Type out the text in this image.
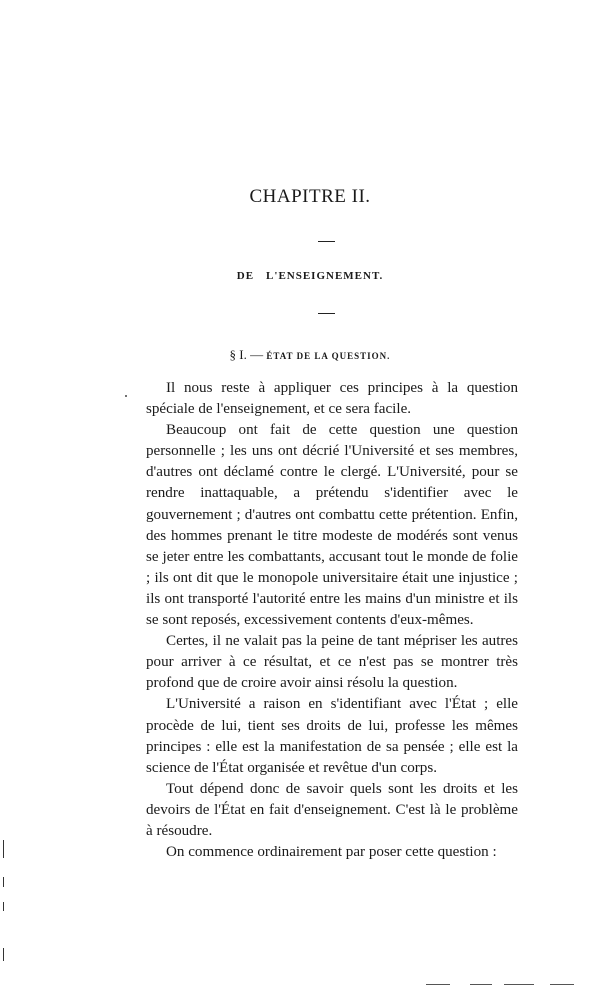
CHAPITRE II.
DE L'ENSEIGNEMENT.
§ I. — ÉTAT DE LA QUESTION.

Il nous reste à appliquer ces principes à la question spéciale de l'enseignement, et ce sera facile.

Beaucoup ont fait de cette question une question personnelle ; les uns ont décrié l'Université et ses membres, d'autres ont déclamé contre le clergé. L'Université, pour se rendre inattaquable, a prétendu s'identifier avec le gouvernement ; d'autres ont combattu cette prétention. Enfin, des hommes prenant le titre modeste de modérés sont venus se jeter entre les combattants, accusant tout le monde de folie ; ils ont dit que le monopole universitaire était une injustice ; ils ont transporté l'autorité entre les mains d'un ministre et ils se sont reposés, excessivement contents d'eux-mêmes.

Certes, il ne valait pas la peine de tant mépriser les autres pour arriver à ce résultat, et ce n'est pas se montrer très profond que de croire avoir ainsi résolu la question.

L'Université a raison en s'identifiant avec l'État ; elle procède de lui, tient ses droits de lui, professe les mêmes principes : elle est la manifestation de sa pensée ; elle est la science de l'État organisée et revêtue d'un corps.

Tout dépend donc de savoir quels sont les droits et les devoirs de l'État en fait d'enseignement. C'est là le problème à résoudre.

On commence ordinairement par poser cette question :
